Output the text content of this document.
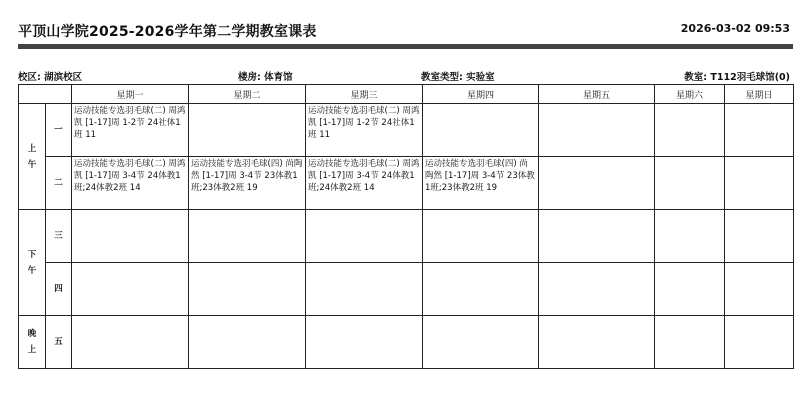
平顶山学院2025-2026学年第二学期教室课表	2026-03-02 09:53
校区: 湖滨校区	楼房: 体育馆	教室类型: 实验室	教室: T112羽毛球馆(0)
		星期一	星期二	星期三	星期四	星期五	星期六	星期日
上午	一	运动技能专选羽毛球(二) 周鸿凯 [1-17]周 1-2节 24社体1班 11		运动技能专选羽毛球(二) 周鸿凯 [1-17]周 1-2节 24社体1班 11				
	二	运动技能专选羽毛球(二) 周鸿凯 [1-17]周 3-4节 24体教1班;24体教2班 14	运动技能专选羽毛球(四) 尚陶然 [1-17]周 3-4节 23体教1班;23体教2班 19	运动技能专选羽毛球(二) 周鸿凯 [1-17]周 3-4节 24体教1班;24体教2班 14	运动技能专选羽毛球(四) 尚陶然 [1-17]周 3-4节 23体教1班;23体教2班 19			
下午	三							
	四							
晚上	五							
